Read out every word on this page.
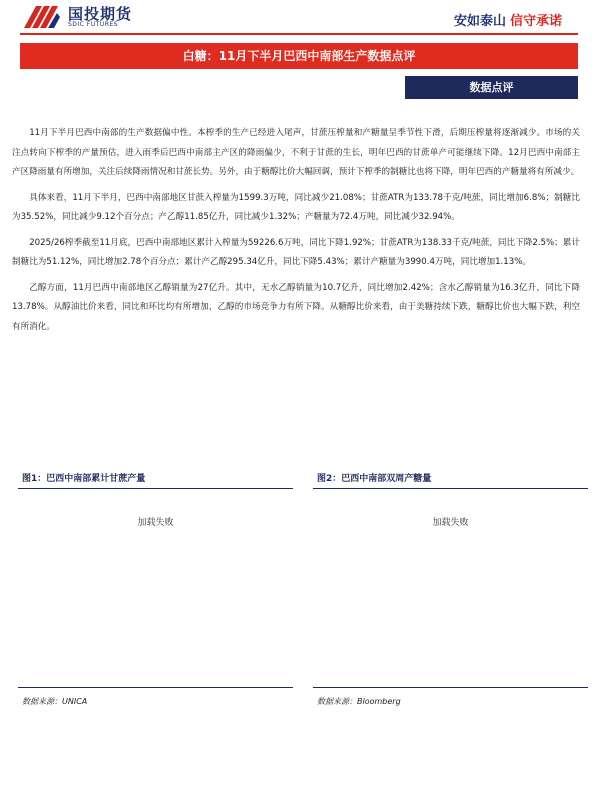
国投期货
SDIC FUTURES	安如泰山 信守承诺
白糖：11月下半月巴西中南部生产数据点评
数据点评

11月下半月巴西中南部的生产数据偏中性。本榨季的生产已经进入尾声，甘蔗压榨量和产糖量呈季节性下滑，后期压榨量将逐渐减少。市场的关注点转向下榨季的产量预估，进入雨季后巴西中南部主产区的降雨偏少，不利于甘蔗的生长，明年巴西的甘蔗单产可能继续下降。12月巴西中南部主产区降雨量有所增加，关注后续降雨情况和甘蔗长势。另外，由于糖醇比价大幅回调，预计下榨季的制糖比也将下降，明年巴西的产糖量将有所减少。

具体来看，11月下半月，巴西中南部地区甘蔗入榨量为1599.3万吨，同比减少21.08%；甘蔗ATR为133.78千克/吨蔗，同比增加6.8%；制糖比为35.52%，同比减少9.12个百分点；产乙醇11.85亿升，同比减少1.32%；产糖量为72.4万吨，同比减少32.94%。

2025/26榨季截至11月底，巴西中南部地区累计入榨量为59226.6万吨，同比下降1.92%；甘蔗ATR为138.33千克/吨蔗，同比下降2.5%；累计制糖比为51.12%，同比增加2.78个百分点；累计产乙醇295.34亿升，同比下降5.43%；累计产糖量为3990.4万吨，同比增加1.13%。

乙醇方面，11月巴西中南部地区乙醇销量为27亿升。其中，无水乙醇销量为10.7亿升，同比增加2.42%；含水乙醇销量为16.3亿升，同比下降13.78%。从醇油比价来看，同比和环比均有所增加，乙醇的市场竞争力有所下降。从糖醇比价来看，由于美糖持续下跌，糖醇比价也大幅下跌，利空有所消化。

图1：巴西中南部累计甘蔗产量
加载失败
数据来源：UNICA
图2：巴西中南部双周产糖量
加载失败
数据来源：Bloomberg
